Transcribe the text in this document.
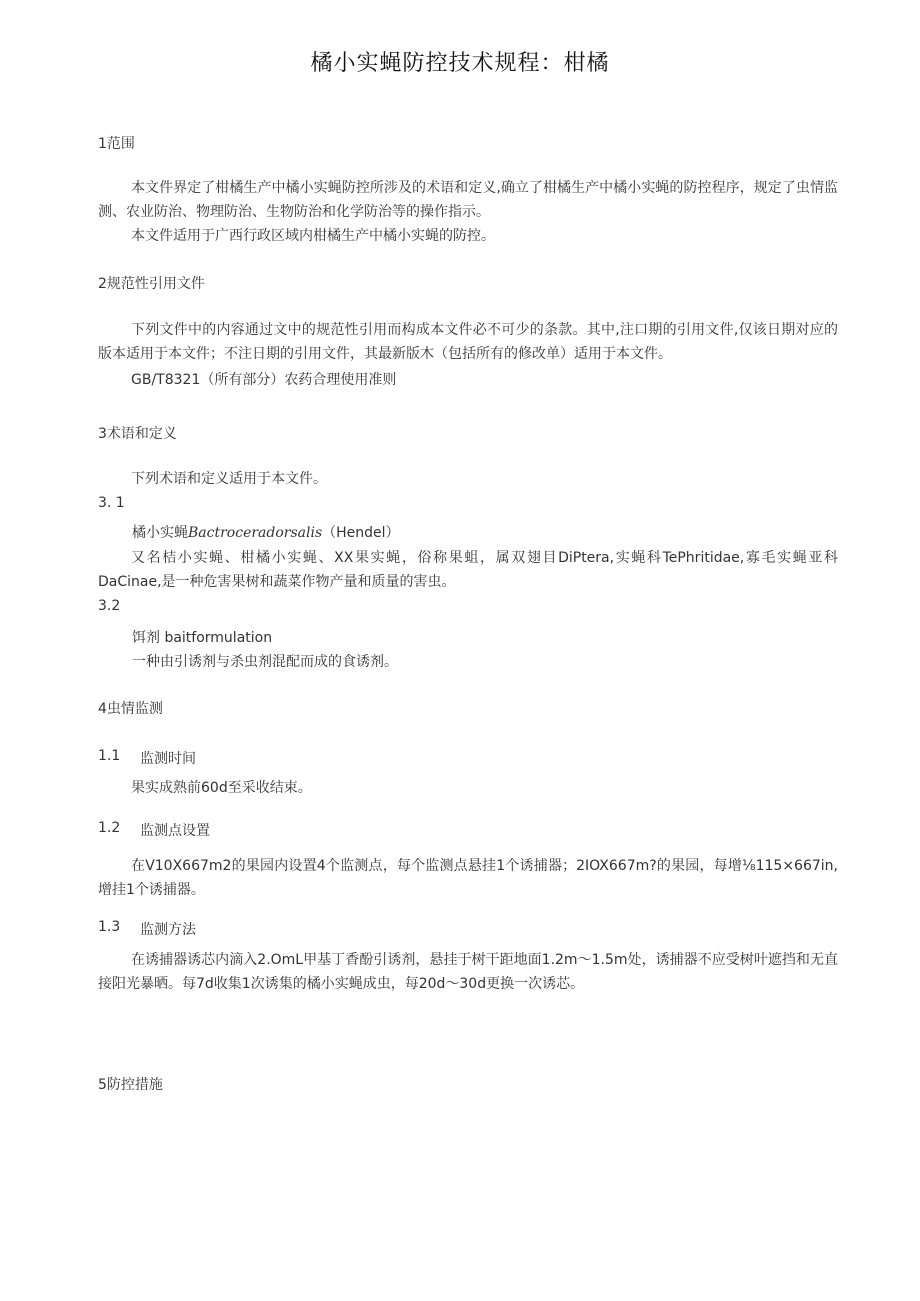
橘小实蝇防控技术规程：柑橘
1范围
本文件界定了柑橘生产中橘小实蝇防控所涉及的术语和定义,确立了柑橘生产中橘小实蝇的防控程序，规定了虫情监测、农业防治、物理防治、生物防治和化学防治等的操作指示。
本文件适用于广西行政区域内柑橘生产中橘小实蝇的防控。
2规范性引用文件
下列文件中的内容通过文中的规范性引用而构成本文件必不可少的条款。其中,注口期的引用文件,仅该日期对应的版本适用于本文件；不注日期的引用文件，其最新版木（包括所有的修改单）适用于本文件。
GB/T8321（所有部分）农药合理使用准则
3术语和定义
下列术语和定义适用于本文件。
3. 1
橘小实蝇Bactroceradorsalis（Hendel）
又名桔小实蝇、柑橘小实蝇、XX果实蝇，俗称果蛆，属双翅目DiPtera,实蝇科TePhritidae,寡毛实蝇亚科DaCinae,是一种危害果树和蔬菜作物产量和质量的害虫。
3.2
饵剂 baitformulation
一种由引诱剂与杀虫剂混配而成的食诱剂。
4虫情监测
1.1 监测时间
果实成熟前60d至采收结束。
1.2 监测点设置
在V10X667m2的果园内设置4个监测点，每个监测点悬挂1个诱捕器；2IOX667m?的果园，每增⅛115×667in,增挂1个诱捕器。
1.3 监测方法
在诱捕器诱芯内滴入2.OmL甲基丁香酚引诱剂，悬挂于树干距地面1.2m～1.5m处，诱捕器不应受树叶遮挡和无直接阳光暴晒。每7d收集1次诱集的橘小实蝇成虫，每20d～30d更换一次诱芯。
5防控措施
